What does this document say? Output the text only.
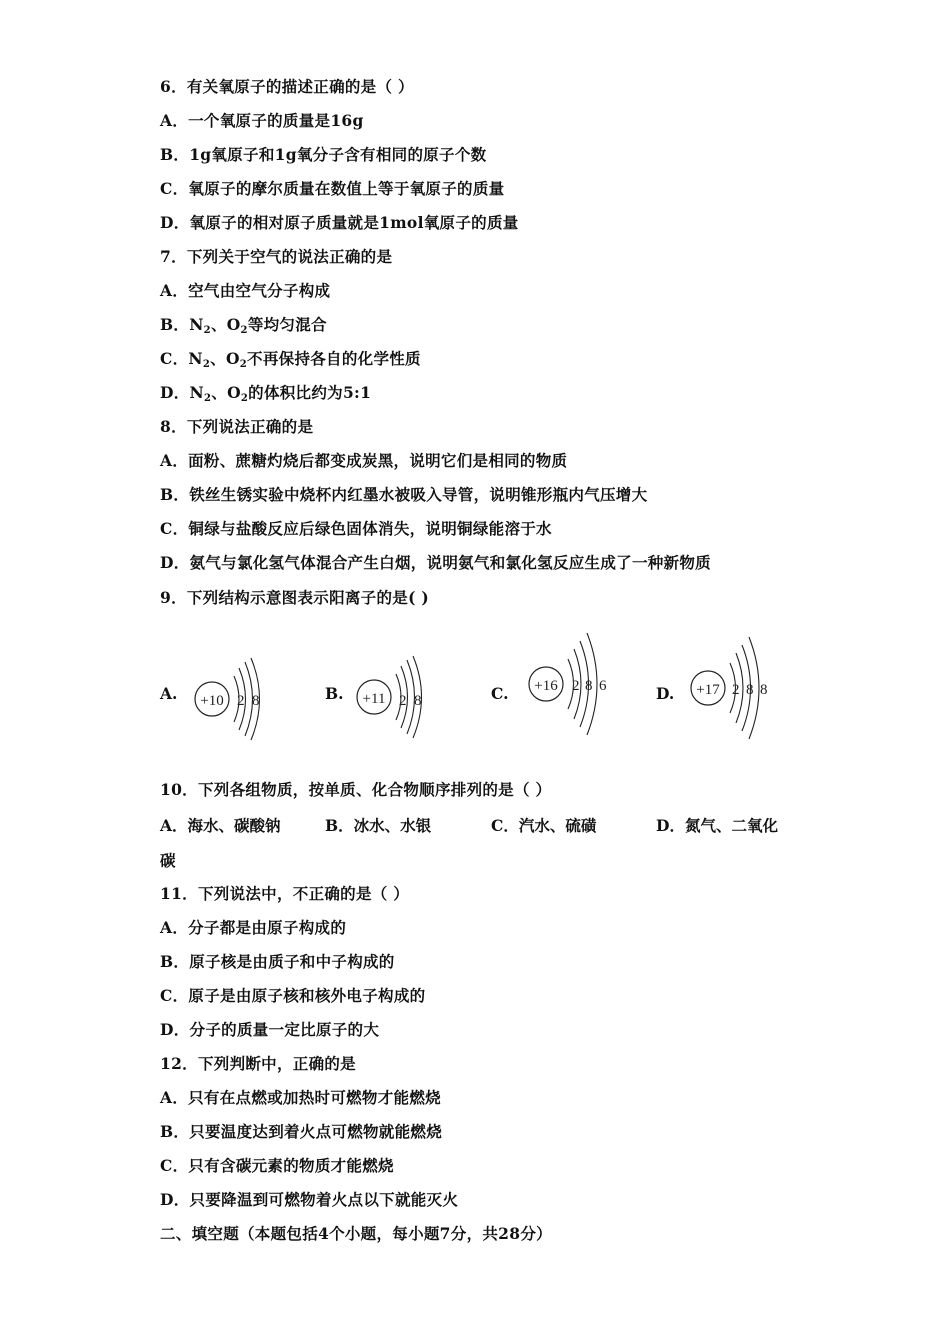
6．有关氧原子的描述正确的是（ ）
A．一个氧原子的质量是16g
B．1g氧原子和1g氧分子含有相同的原子个数
C．氧原子的摩尔质量在数值上等于氧原子的质量
D．氧原子的相对原子质量就是1mol氧原子的质量
7．下列关于空气的说法正确的是
A．空气由空气分子构成
B．$N_2$、$O_2$等均匀混合
C．$N_2$、$O_2$不再保持各自的化学性质
D．$N_2$、$O_2$的体积比约为5:1
8．下列说法正确的是
A．面粉、蔗糖灼烧后都变成炭黑，说明它们是相同的物质
B．铁丝生锈实验中烧杯内红墨水被吸入导管，说明锥形瓶内气压增大
C．铜绿与盐酸反应后绿色固体消失，说明铜绿能溶于水
D．氨气与氯化氢气体混合产生白烟，说明氨气和氯化氢反应生成了一种新物质
9．下列结构示意图表示阳离子的是( )
A. +10 2 8	B. +11 2 8	C. +16 2 8 6	D. +17 2 8 8
10．下列各组物质，按单质、化合物顺序排列的是（ ）
A．海水、碳酸钠	B．冰水、水银	C．汽水、硫磺	D．氮气、二氧化
碳
11．下列说法中，不正确的是（ ）
A．分子都是由原子构成的
B．原子核是由质子和中子构成的
C．原子是由原子核和核外电子构成的
D．分子的质量一定比原子的大
12．下列判断中，正确的是
A．只有在点燃或加热时可燃物才能燃烧
B．只要温度达到着火点可燃物就能燃烧
C．只有含碳元素的物质才能燃烧
D．只要降温到可燃物着火点以下就能灭火
二、填空题（本题包括4个小题，每小题7分，共28分）
